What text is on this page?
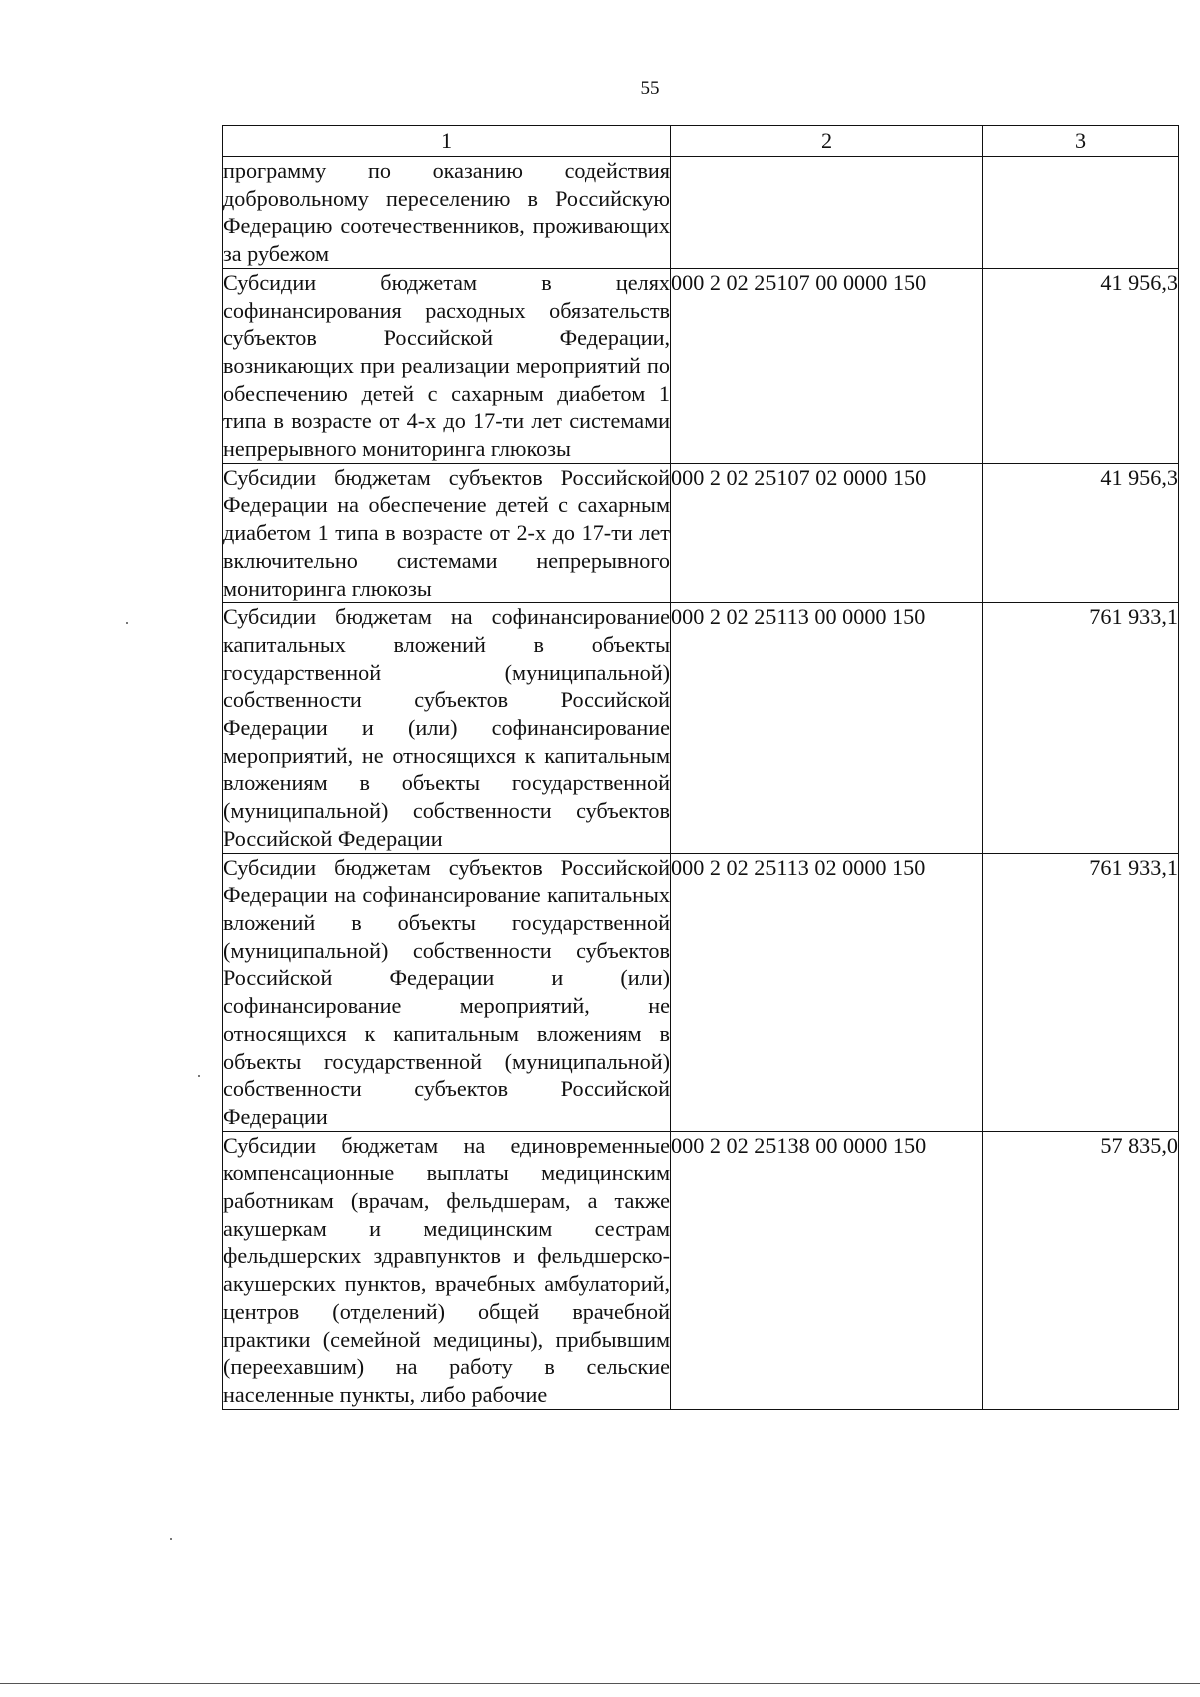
55
1	2	3
программу по оказанию содействия добровольному переселению в Российскую Федерацию соотечественников, проживающих за рубежом		
Субсидии бюджетам в целях софинансирования расходных обязательств субъектов Российской Федерации, возникающих при реализации мероприятий по обеспечению детей с сахарным диабетом 1 типа в возрасте от 4-х до 17-ти лет системами непрерывного мониторинга глюкозы	000 2 02 25107 00 0000 150	41 956,3
Субсидии бюджетам субъектов Российской Федерации на обеспечение детей с сахарным диабетом 1 типа в возрасте от 2-х до 17-ти лет включительно системами непрерывного мониторинга глюкозы	000 2 02 25107 02 0000 150	41 956,3
Субсидии бюджетам на софинансирование капитальных вложений в объекты государственной (муниципальной) собственности субъектов Российской Федерации и (или) софинансирование мероприятий, не относящихся к капитальным вложениям в объекты государственной (муниципальной) собственности субъектов Российской Федерации	000 2 02 25113 00 0000 150	761 933,1
Субсидии бюджетам субъектов Российской Федерации на софинансирование капитальных вложений в объекты государственной (муниципальной) собственности субъектов Российской Федерации и (или) софинансирование мероприятий, не относящихся к капитальным вложениям в объекты государственной (муниципальной) собственности субъектов Российской Федерации	000 2 02 25113 02 0000 150	761 933,1
Субсидии бюджетам на единовременные компенсационные выплаты медицинским работникам (врачам, фельдшерам, а также акушеркам и медицинским сестрам фельдшерских здравпунктов и фельдшерско-акушерских пунктов, врачебных амбулаторий, центров (отделений) общей врачебной практики (семейной медицины), прибывшим (переехавшим) на работу в сельские населенные пункты, либо рабочие	000 2 02 25138 00 0000 150	57 835,0
